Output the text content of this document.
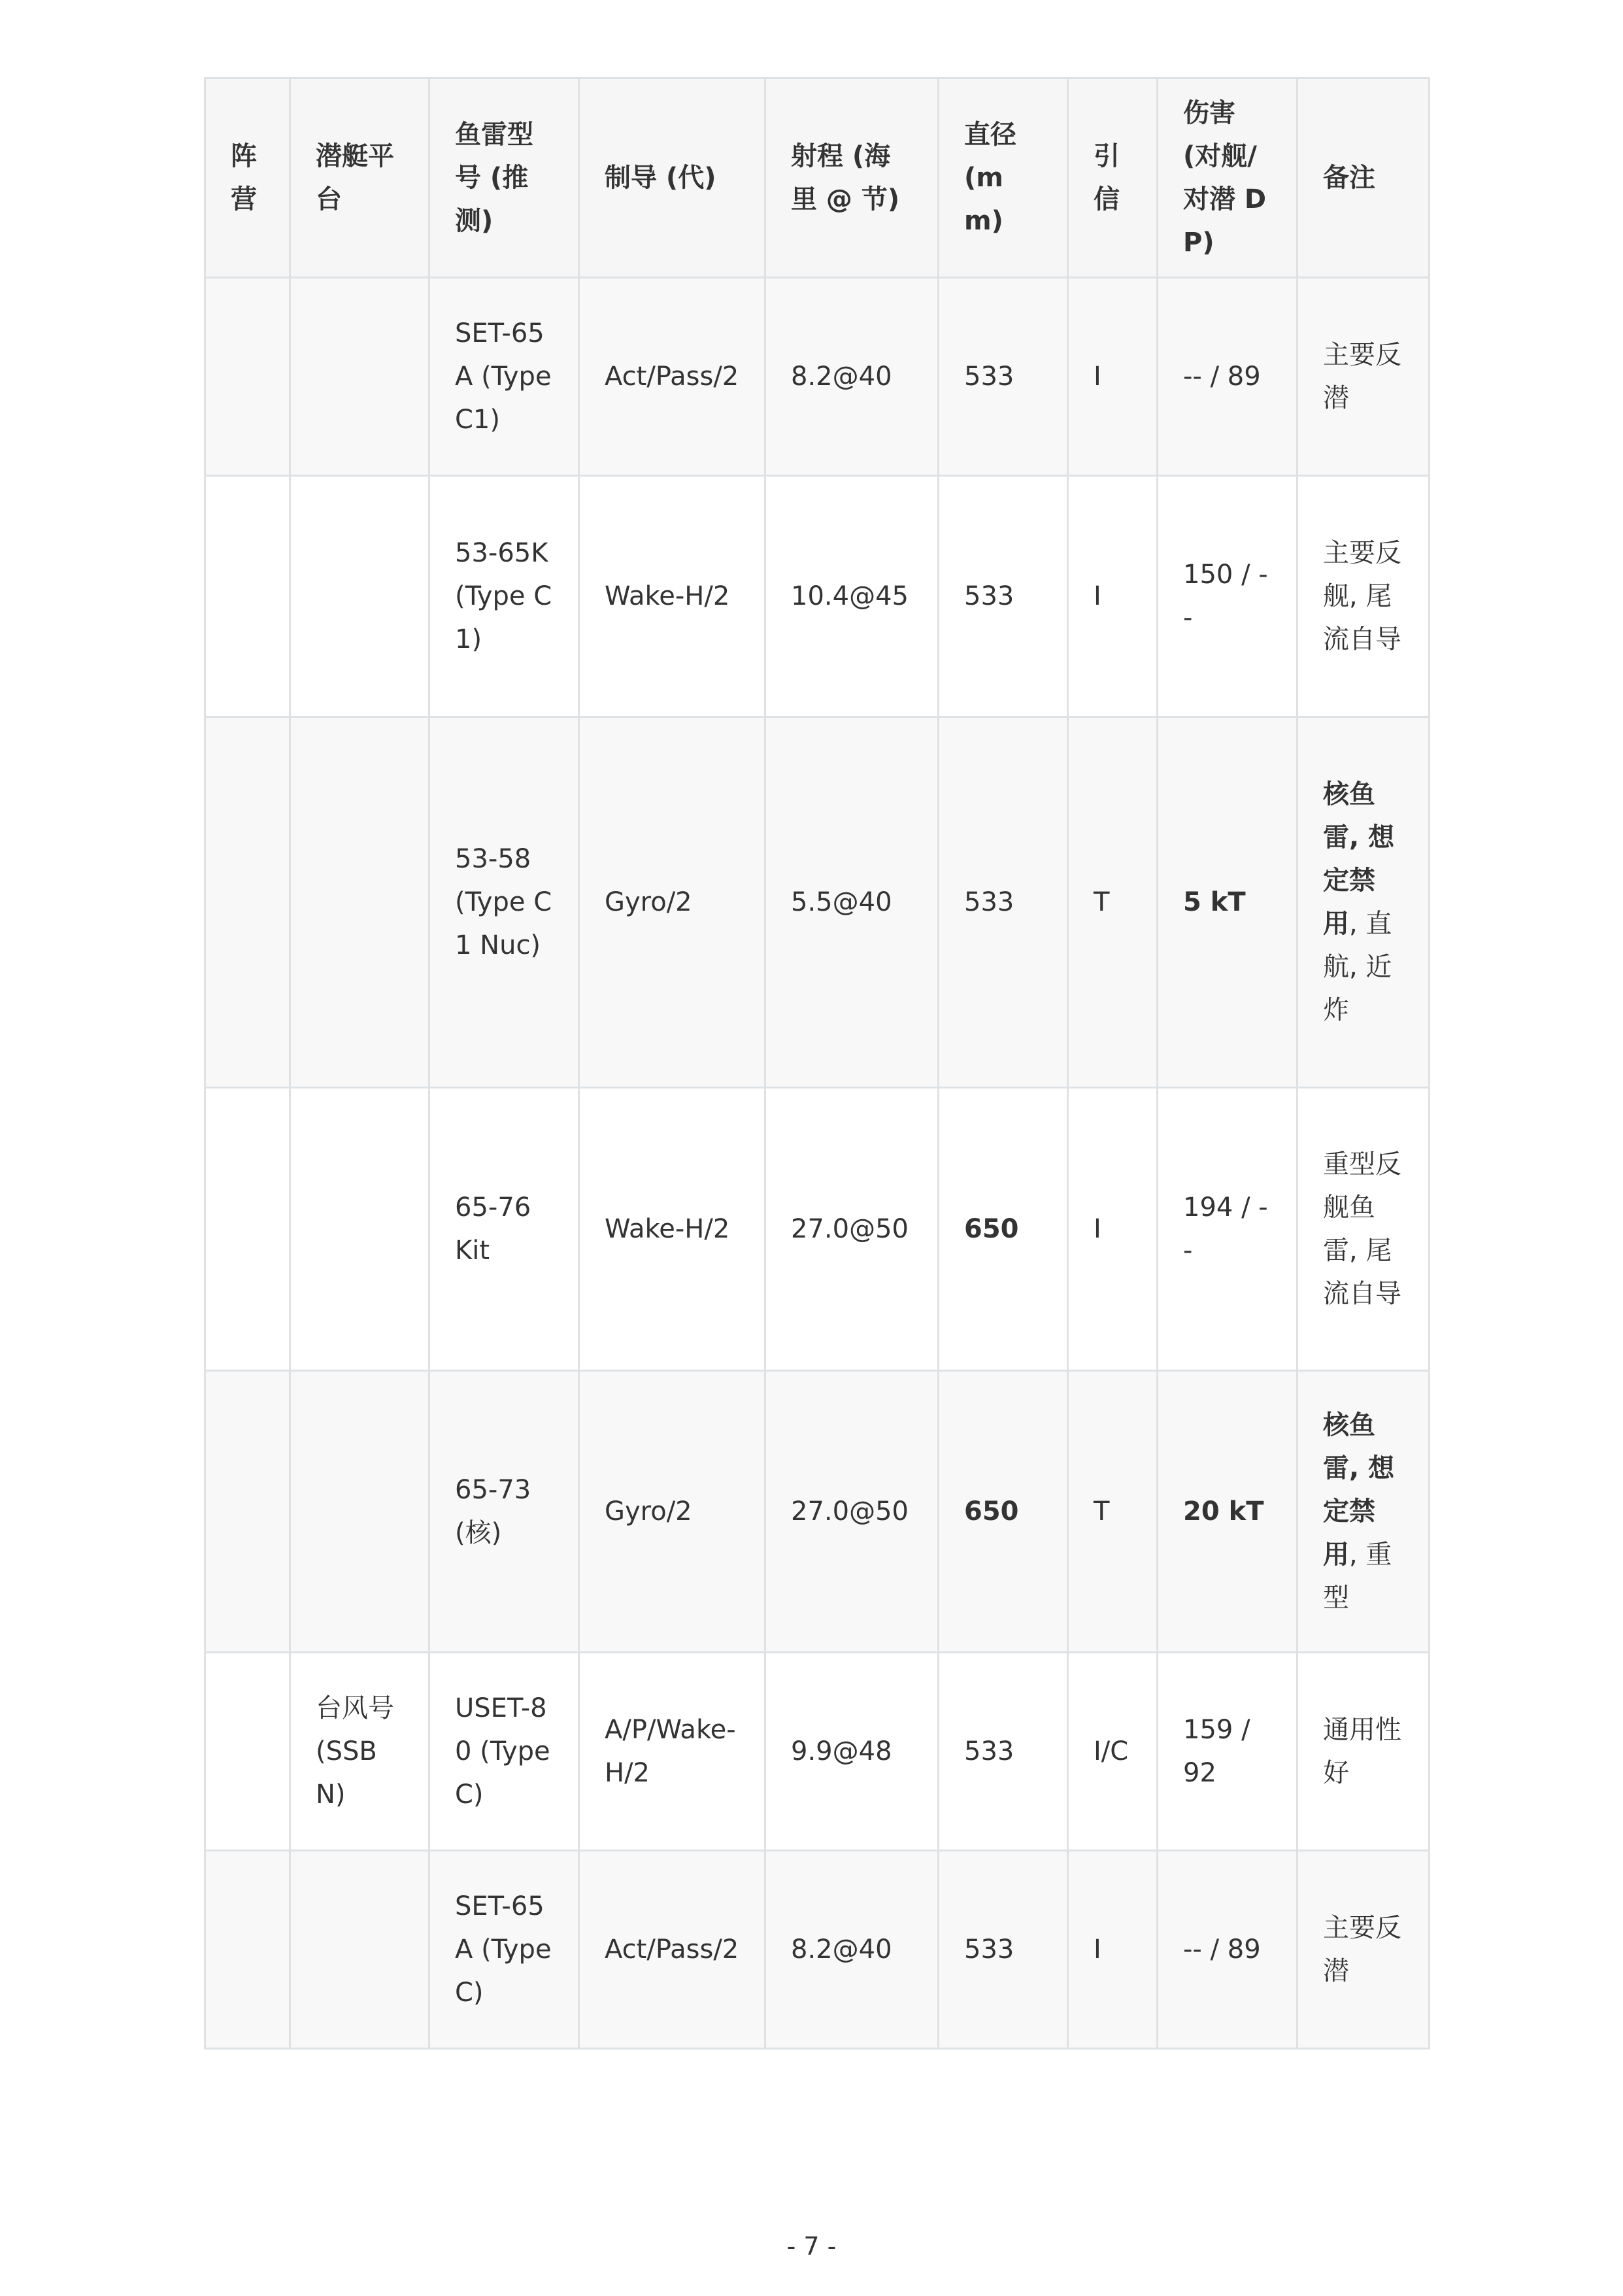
阵营	潜艇平台	鱼雷型号 (推测)	制导 (代)	射程 (海里 @ 节)	直径 (mm)	引信	伤害 (对舰/对潜 DP)	备注
		SET-65A (Type C1)	Act/Pass/2	8.2@40	533	I	-- / 89	主要反潜
		53-65K (Type C1)	Wake-H/2	10.4@45	533	I	150 / --	主要反舰, 尾流自导
		53-58 (Type C1 Nuc)	Gyro/2	5.5@40	533	T	5 kT	核鱼雷, 想定禁用, 直航, 近炸
		65-76 Kit	Wake-H/2	27.0@50	650	I	194 / --	重型反舰鱼雷, 尾流自导
		65-73 (核)	Gyro/2	27.0@50	650	T	20 kT	核鱼雷, 想定禁用, 重型
	台风号 (SSBN)	USET-80 (Type C)	A/P/Wake-H/2	9.9@48	533	I/C	159 / 92	通用性好
		SET-65A (Type C)	Act/Pass/2	8.2@40	533	I	-- / 89	主要反潜
- 7 -
